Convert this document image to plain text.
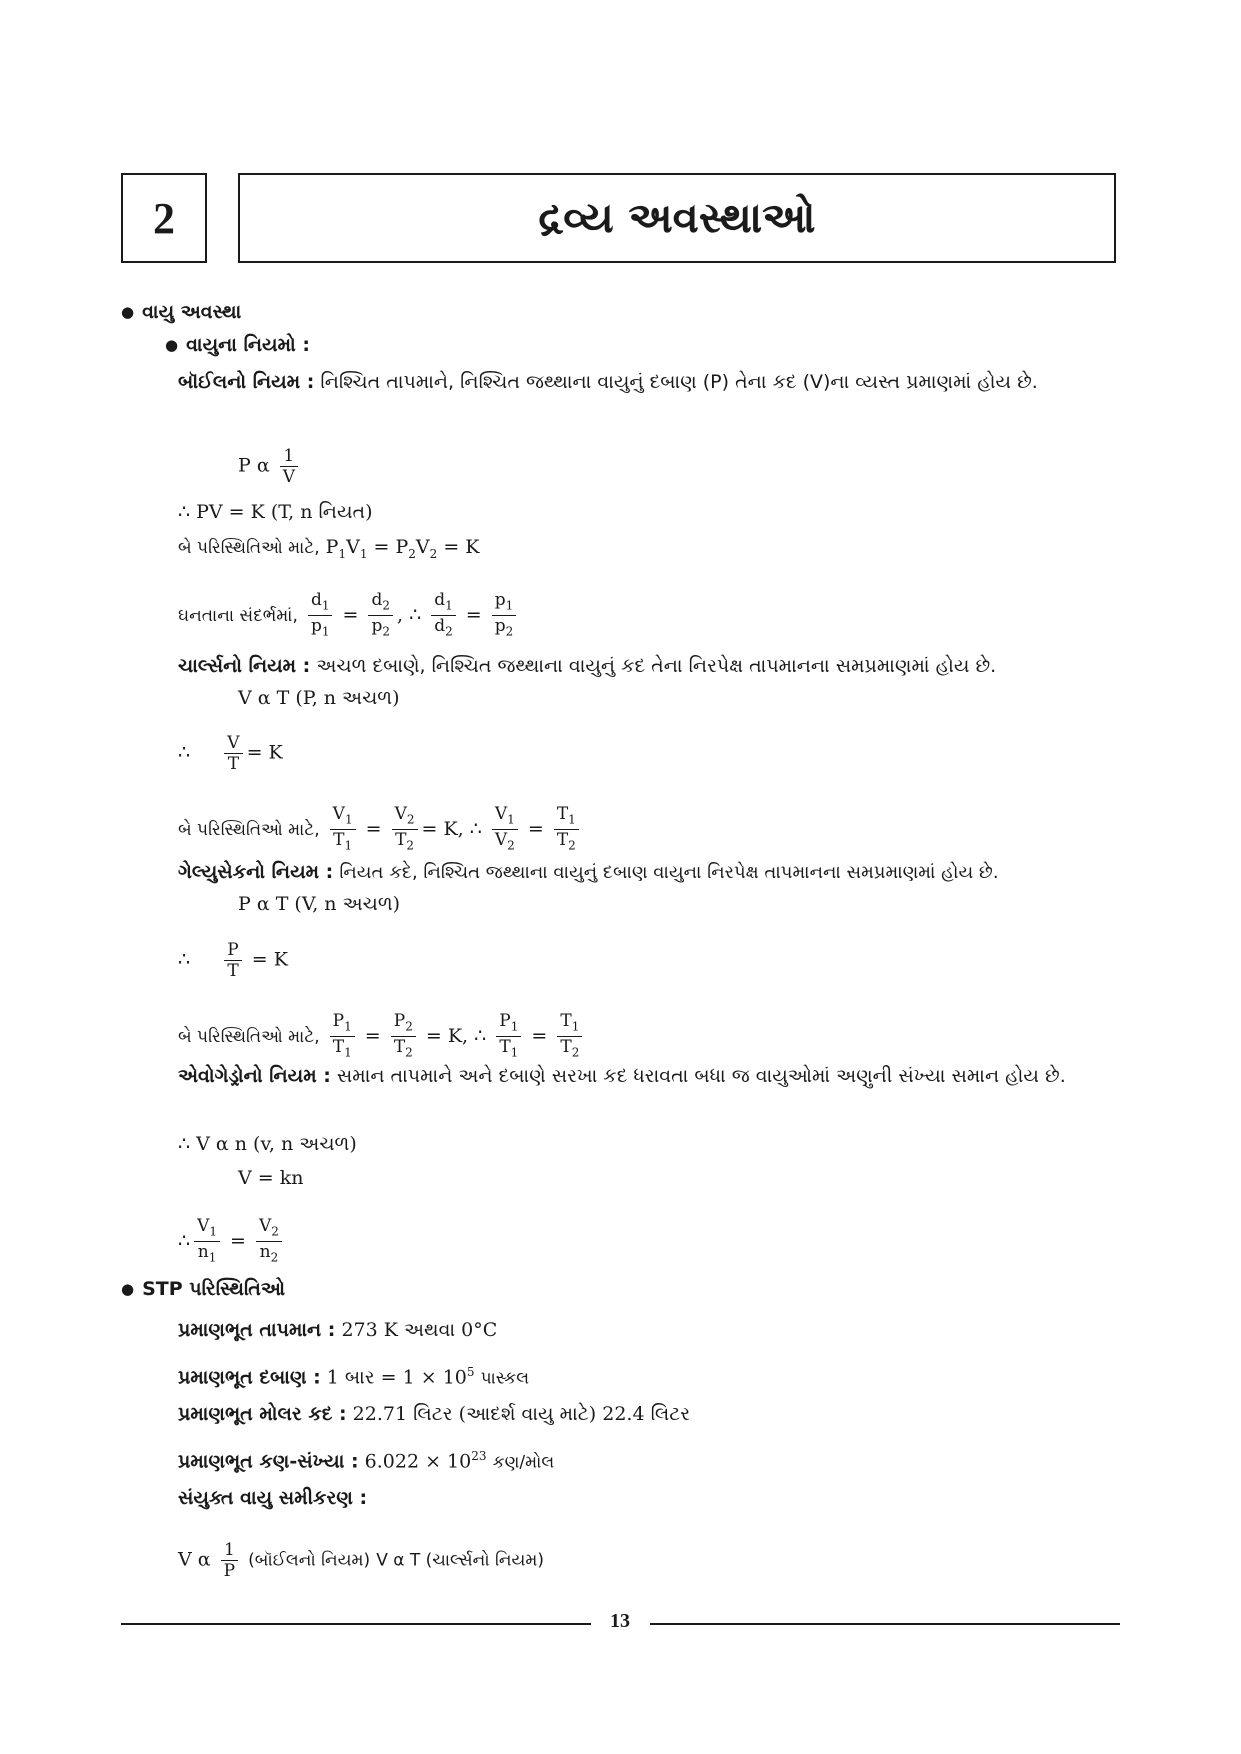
2	દ્રવ્ય અવસ્થાઓ
● વાયુ અવસ્થા
● વાયુના નિયમો :
બૉઈલનો નિયમ : નિશ્ચિત તાપમાને, નિશ્ચિત જથ્થાના વાયુનું દબાણ (P) તેના કદ (V)ના વ્યસ્ત પ્રમાણમાં હોય છે.
P α $\frac{1}{V}$
∴ PV = K (T, n નિયત)
બે પરિસ્થિતિઓ માટે, $P_1V_1 = P_2V_2 = K$
ઘનતાના સંદર્ભમાં, $\frac{d_1}{p_1} = \frac{d_2}{p_2}$ , ∴ $\frac{d_1}{d_2} = \frac{p_1}{p_2}$
ચાર્લ્સનો નિયમ : અચળ દબાણે, નિશ્ચિત જથ્થાના વાયુનું કદ તેના નિરપેક્ષ તાપમાનના સમપ્રમાણમાં હોય છે.
V α T (P, n અચળ)
∴ $\frac{V}{T} = K$
બે પરિસ્થિતિઓ માટે, $\frac{V_1}{T_1} = \frac{V_2}{T_2} = K$, ∴ $\frac{V_1}{V_2} = \frac{T_1}{T_2}$
ગેલ્યુસેકનો નિયમ : નિયત કદે, નિશ્ચિત જથ્થાના વાયુનું દબાણ વાયુના નિરપેક્ષ તાપમાનના સમપ્રમાણમાં હોય છે.
P α T (V, n અચળ)
∴ $\frac{P}{T} = K$
બે પરિસ્થિતિઓ માટે, $\frac{P_1}{T_1} = \frac{P_2}{T_2} = K$, ∴ $\frac{P_1}{T_1} = \frac{T_1}{T_2}$
એવોગેડ્રોનો નિયમ : સમાન તાપમાને અને દબાણે સરખા કદ ધરાવતા બધા જ વાયુઓમાં અણુની સંખ્યા સમાન હોય છે.
∴ V α n (v, n અચળ)
V = kn
∴ $\frac{V_1}{n_1} = \frac{V_2}{n_2}$
● STP પરિસ્થિતિઓ
પ્રમાણભૂત તાપમાન : 273 K અથવા 0°C
પ્રમાણભૂત દબાણ : 1 બાર = $1 \times 10^5$ પાસ્કલ
પ્રમાણભૂત મોલર કદ : 22.71 લિટર (આદર્શ વાયુ માટે) 22.4 લિટર
પ્રમાણભૂત કણ-સંખ્યા : $6.022 \times 10^{23}$ કણ/મોલ
સંયુક્ત વાયુ સમીકરણ :
V α $\frac{1}{P}$ (બૉઈલનો નિયમ) V α T (ચાર્લ્સનો નિયમ)
13
